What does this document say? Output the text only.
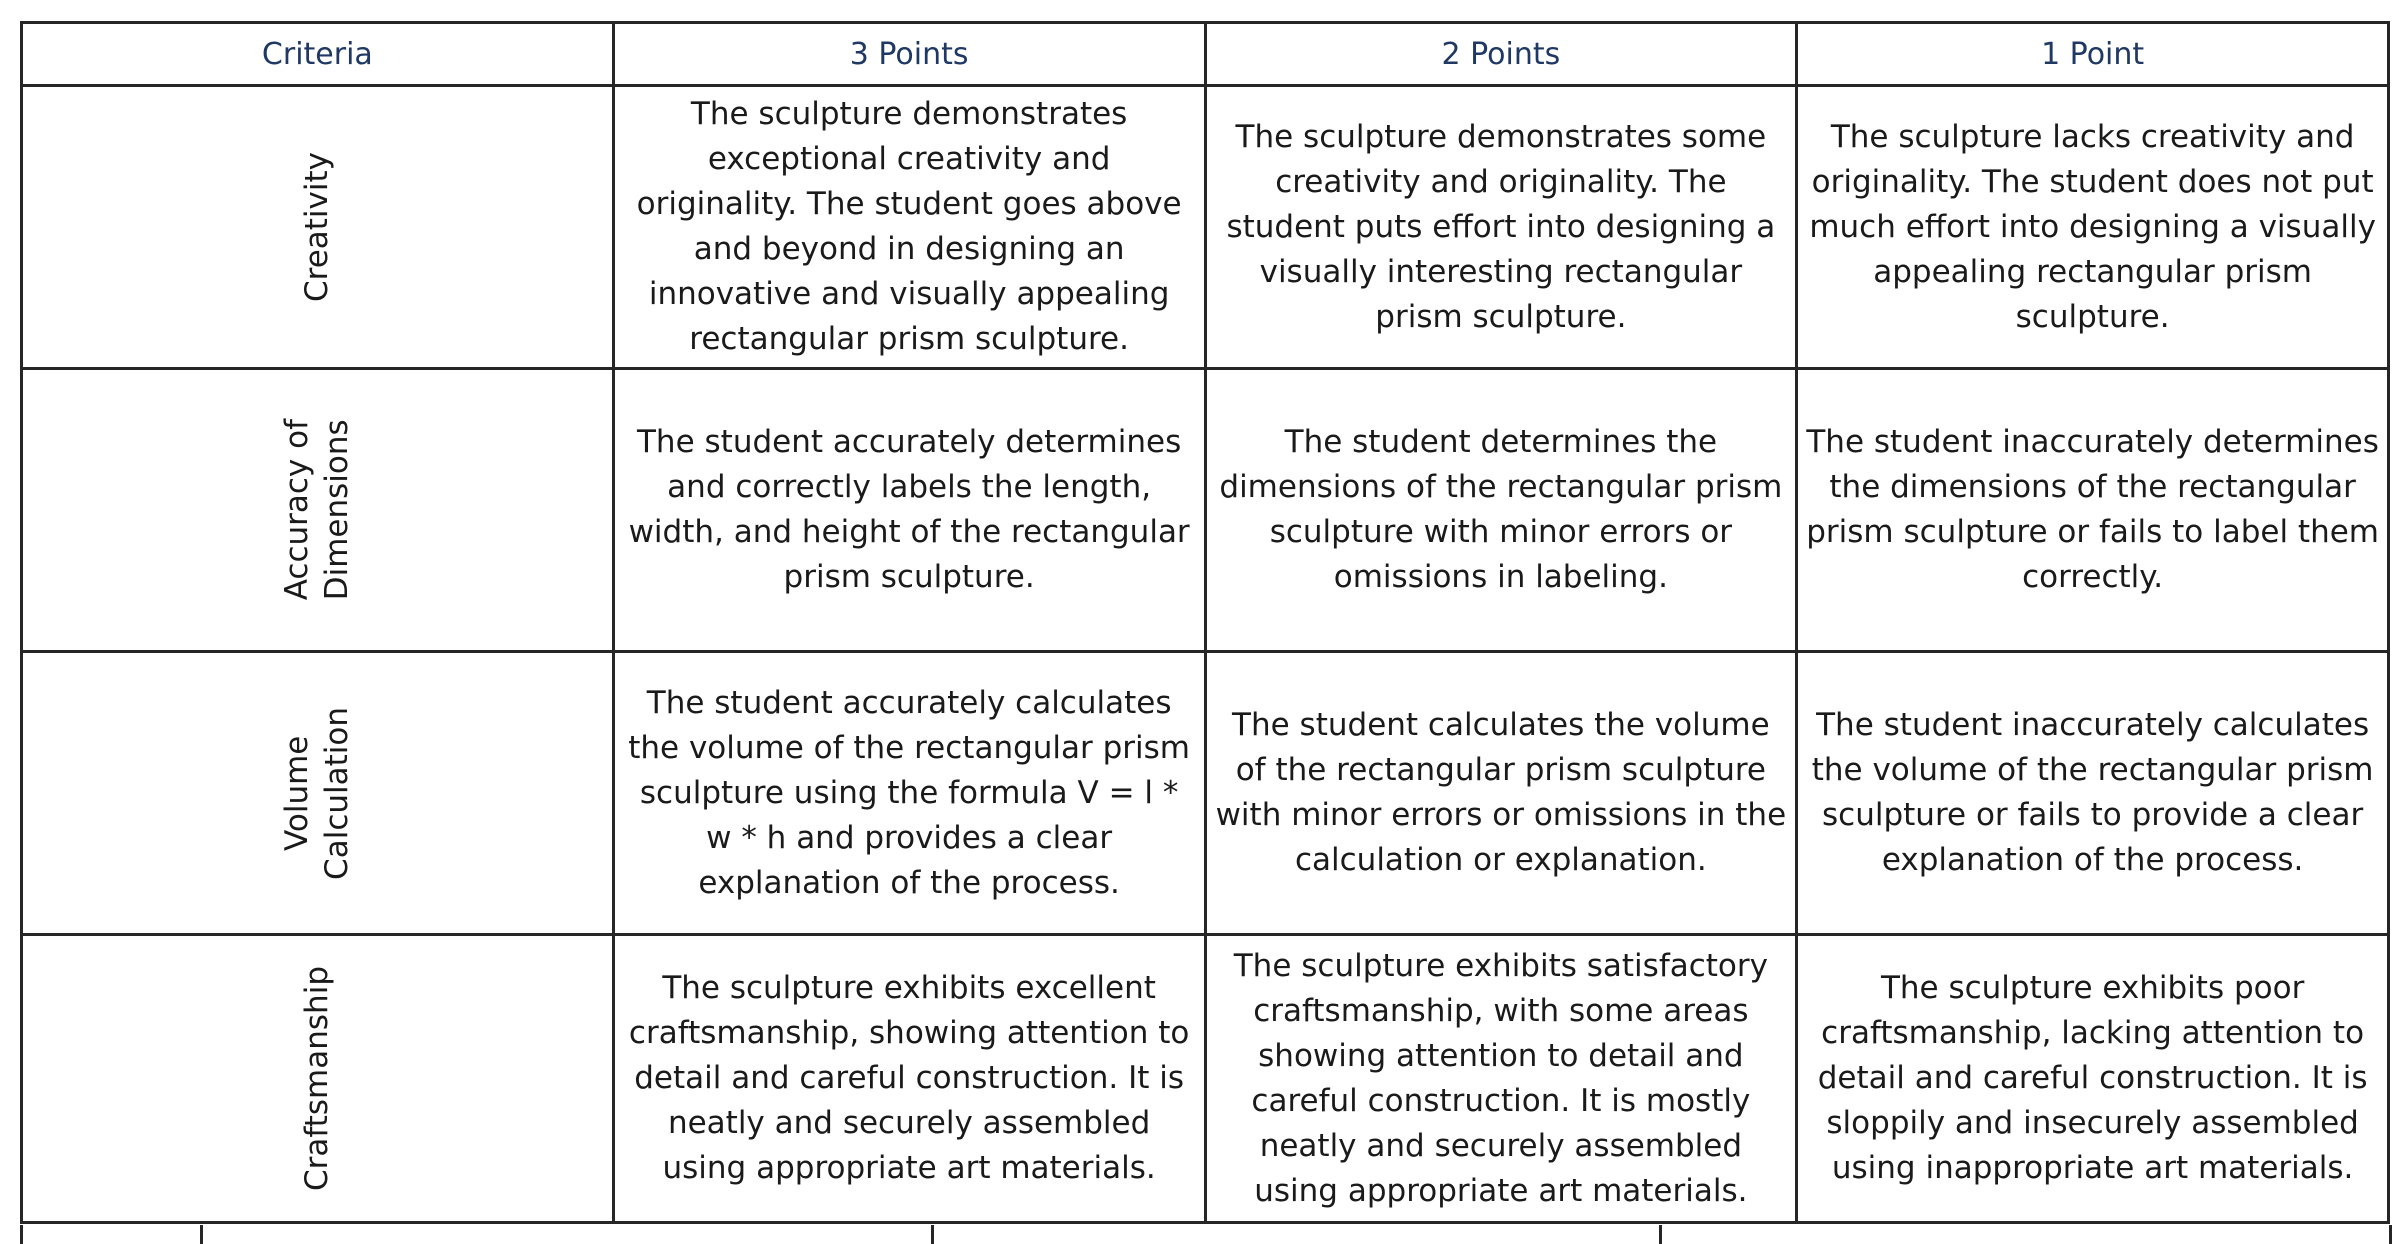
Criteria	3 Points	2 Points	1 Point

Creativity	The sculpture demonstrates exceptional creativity and originality. The student goes above and beyond in designing an innovative and visually appealing rectangular prism sculpture.	The sculpture demonstrates some creativity and originality. The student puts effort into designing a visually interesting rectangular prism sculpture.	The sculpture lacks creativity and originality. The student does not put much effort into designing a visually appealing rectangular prism sculpture.

Accuracy of
Dimensions	The student accurately determines and correctly labels the length, width, and height of the rectangular prism sculpture.	The student determines the dimensions of the rectangular prism sculpture with minor errors or omissions in labeling.	The student inaccurately determines the dimensions of the rectangular prism sculpture or fails to label them correctly.

Volume
Calculation	The student accurately calculates the volume of the rectangular prism sculpture using the formula V = l * w * h and provides a clear explanation of the process.	The student calculates the volume of the rectangular prism sculpture with minor errors or omissions in the calculation or explanation.	The student inaccurately calculates the volume of the rectangular prism sculpture or fails to provide a clear explanation of the process.

Craftsmanship	The sculpture exhibits excellent craftsmanship, showing attention to detail and careful construction. It is neatly and securely assembled using appropriate art materials.	The sculpture exhibits satisfactory craftsmanship, with some areas showing attention to detail and careful construction. It is mostly neatly and securely assembled using appropriate art materials.	The sculpture exhibits poor craftsmanship, lacking attention to detail and careful construction. It is sloppily and insecurely assembled using inappropriate art materials.
